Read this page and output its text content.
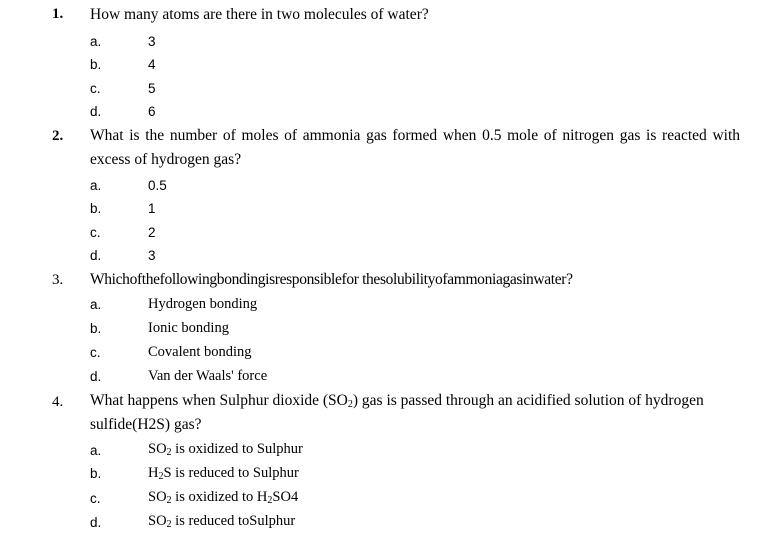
1. How many atoms are there in two molecules of water?
a.	3
b.	4
c.	5
d.	6
2. What is the number of moles of ammonia gas formed when 0.5 mole of nitrogen gas is reacted with excess of hydrogen gas?
a.	0.5
b.	1
c.	2
d.	3
3. Whichofthefollowingbondingisresponsiblefor thesolubilityofammoniagasinwater?
a.	Hydrogen bonding
b.	Ionic bonding
c.	Covalent bonding
d.	Van der Waals' force
4. What happens when Sulphur dioxide $(SO_2)$ gas is passed through an acidified solution of hydrogen
sulfide(H2S) gas?
a.	$SO_2$ is oxidized to Sulphur
b.	$H_2S$ is reduced to Sulphur
c.	$SO_2$ is oxidized to $H_2SO4$
d.	$SO_2$ is reduced toSulphur
